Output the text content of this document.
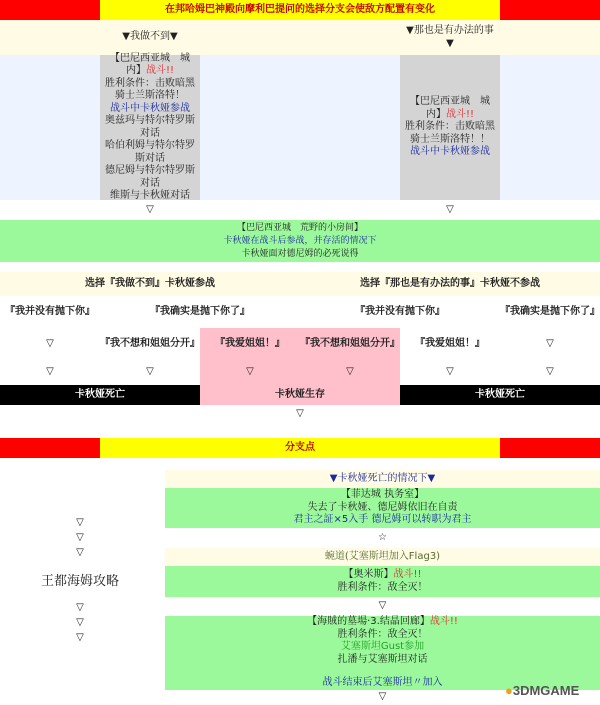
在邦哈姆巴神殿向摩利巴提问的选择分支会使敌方配置有变化
▼我做不到▼
▼那也是有办法的事
▼
【巴尼西亚城　城内】战斗!!
胜利条件：击败暗黑骑士兰斯洛特！
战斗中卡秋娅参战
奥兹玛与特尔特罗斯对话
哈伯利姆与特尔特罗斯对话
德尼姆与特尔特罗斯对话
维斯与卡秋娅对话
【巴尼西亚城　城内】战斗!!
胜利条件：击败暗黑骑士兰斯洛特！！
战斗中卡秋娅参战
▽	▽
【巴尼西亚城　荒野的小房间】
卡秋娅在战斗后参战，并存活的情况下
卡秋娅面对德尼姆的必死说得
选择『我做不到』卡秋娅参战	选择『那也是有办法的事』卡秋娅不参战
『我并没有抛下你』	『我确实是抛下你了』	『我并没有抛下你』	『我确实是抛下你了』
▽	『我不想和姐姐分开』	『我爱姐姐！』	『我不想和姐姐分开』	『我爱姐姐！』	▽
▽	▽	▽	▽	▽	▽
卡秋娅死亡	卡秋娅生存	卡秋娅死亡
▽
分支点
▼卡秋娅死亡的情况下▼
【菲达城 执务室】
失去了卡秋娅、德尼姆依旧在自责
君主之証×5入手 德尼姆可以转职为君主
☆
蜿道(艾塞斯坦加入Flag3)
【奥米斯】战斗!!
胜利条件：敌全灭！
▽
【海賊的墓場·3.结晶回廊】战斗!!
胜利条件：敌全灭！
艾塞斯坦Gust参加
扎潘与艾塞斯坦对话
战斗结束后艾塞斯坦〃加入
▽
▽
▽
▽
王都海姆攻略
▽
▽
▽
●3DMGAME
